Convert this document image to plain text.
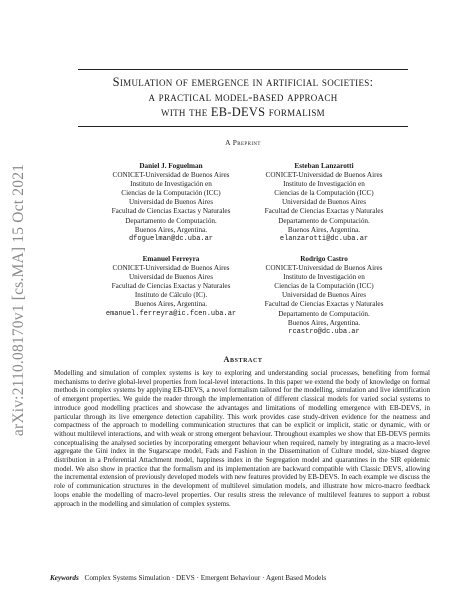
arXiv:2110.08170v1 [cs.MA] 15 Oct 2021
Simulation of emergence in artificial societies:
a practical model-based approach
with the EB-DEVS formalism
A Preprint
Daniel J. Foguelman
CONICET-Universidad de Buenos Aires
Instituto de Investigación en
Ciencias de la Computación (ICC)
Universidad de Buenos Aires
Facultad de Ciencias Exactas y Naturales
Departamento de Computación.
Buenos Aires, Argentina.
dfoguelman@dc.uba.ar
Esteban Lanzarotti
CONICET-Universidad de Buenos Aires
Instituto de Investigación en
Ciencias de la Computación (ICC)
Universidad de Buenos Aires
Facultad de Ciencias Exactas y Naturales
Departamento de Computación.
Buenos Aires, Argentina.
elanzarotti@dc.uba.ar
Emanuel Ferreyra
CONICET-Universidad de Buenos Aires
Universidad de Buenos Aires
Facultad de Ciencias Exactas y Naturales
Instituto de Cálculo (IC).
Buenos Aires, Argentina.
emanuel.ferreyra@ic.fcen.uba.ar
Rodrigo Castro
CONICET-Universidad de Buenos Aires
Instituto de Investigación en
Ciencias de la Computación (ICC)
Universidad de Buenos Aires
Facultad de Ciencias Exactas y Naturales
Departamento de Computación.
Buenos Aires, Argentina.
rcastro@dc.uba.ar
Abstract
Modelling and simulation of complex systems is key to exploring and understanding social processes, benefiting from formal mechanisms to derive global-level properties from local-level interactions. In this paper we extend the body of knowledge on formal methods in complex systems by applying EB-DEVS, a novel formalism tailored for the modelling, simulation and live identification of emergent properties. We guide the reader through the implementation of different classical models for varied social systems to introduce good modelling practices and showcase the advantages and limitations of modelling emergence with EB-DEVS, in particular through its live emergence detection capability. This work provides case study-driven evidence for the neatness and compactness of the approach to modelling communication structures that can be explicit or implicit, static or dynamic, with or without multilevel interactions, and with weak or strong emergent behaviour. Throughout examples we show that EB-DEVS permits conceptualising the analysed societies by incorporating emergent behaviour when required, namely by integrating as a macro-level aggregate the Gini index in the Sugarscape model, Fads and Fashion in the Dissemination of Culture model, size-biased degree distribution in a Preferential Attachment model, happiness index in the Segregation model and quarantines in the SIR epidemic model. We also show in practice that the formalism and its implementation are backward compatible with Classic DEVS, allowing the incremental extension of previously developed models with new features provided by EB-DEVS. In each example we discuss the role of communication structures in the development of multilevel simulation models, and illustrate how micro-macro feedback loops enable the modelling of macro-level properties. Our results stress the relevance of multilevel features to support a robust approach in the modelling and simulation of complex systems.
Keywords Complex Systems Simulation · DEVS · Emergent Behaviour · Agent Based Models
